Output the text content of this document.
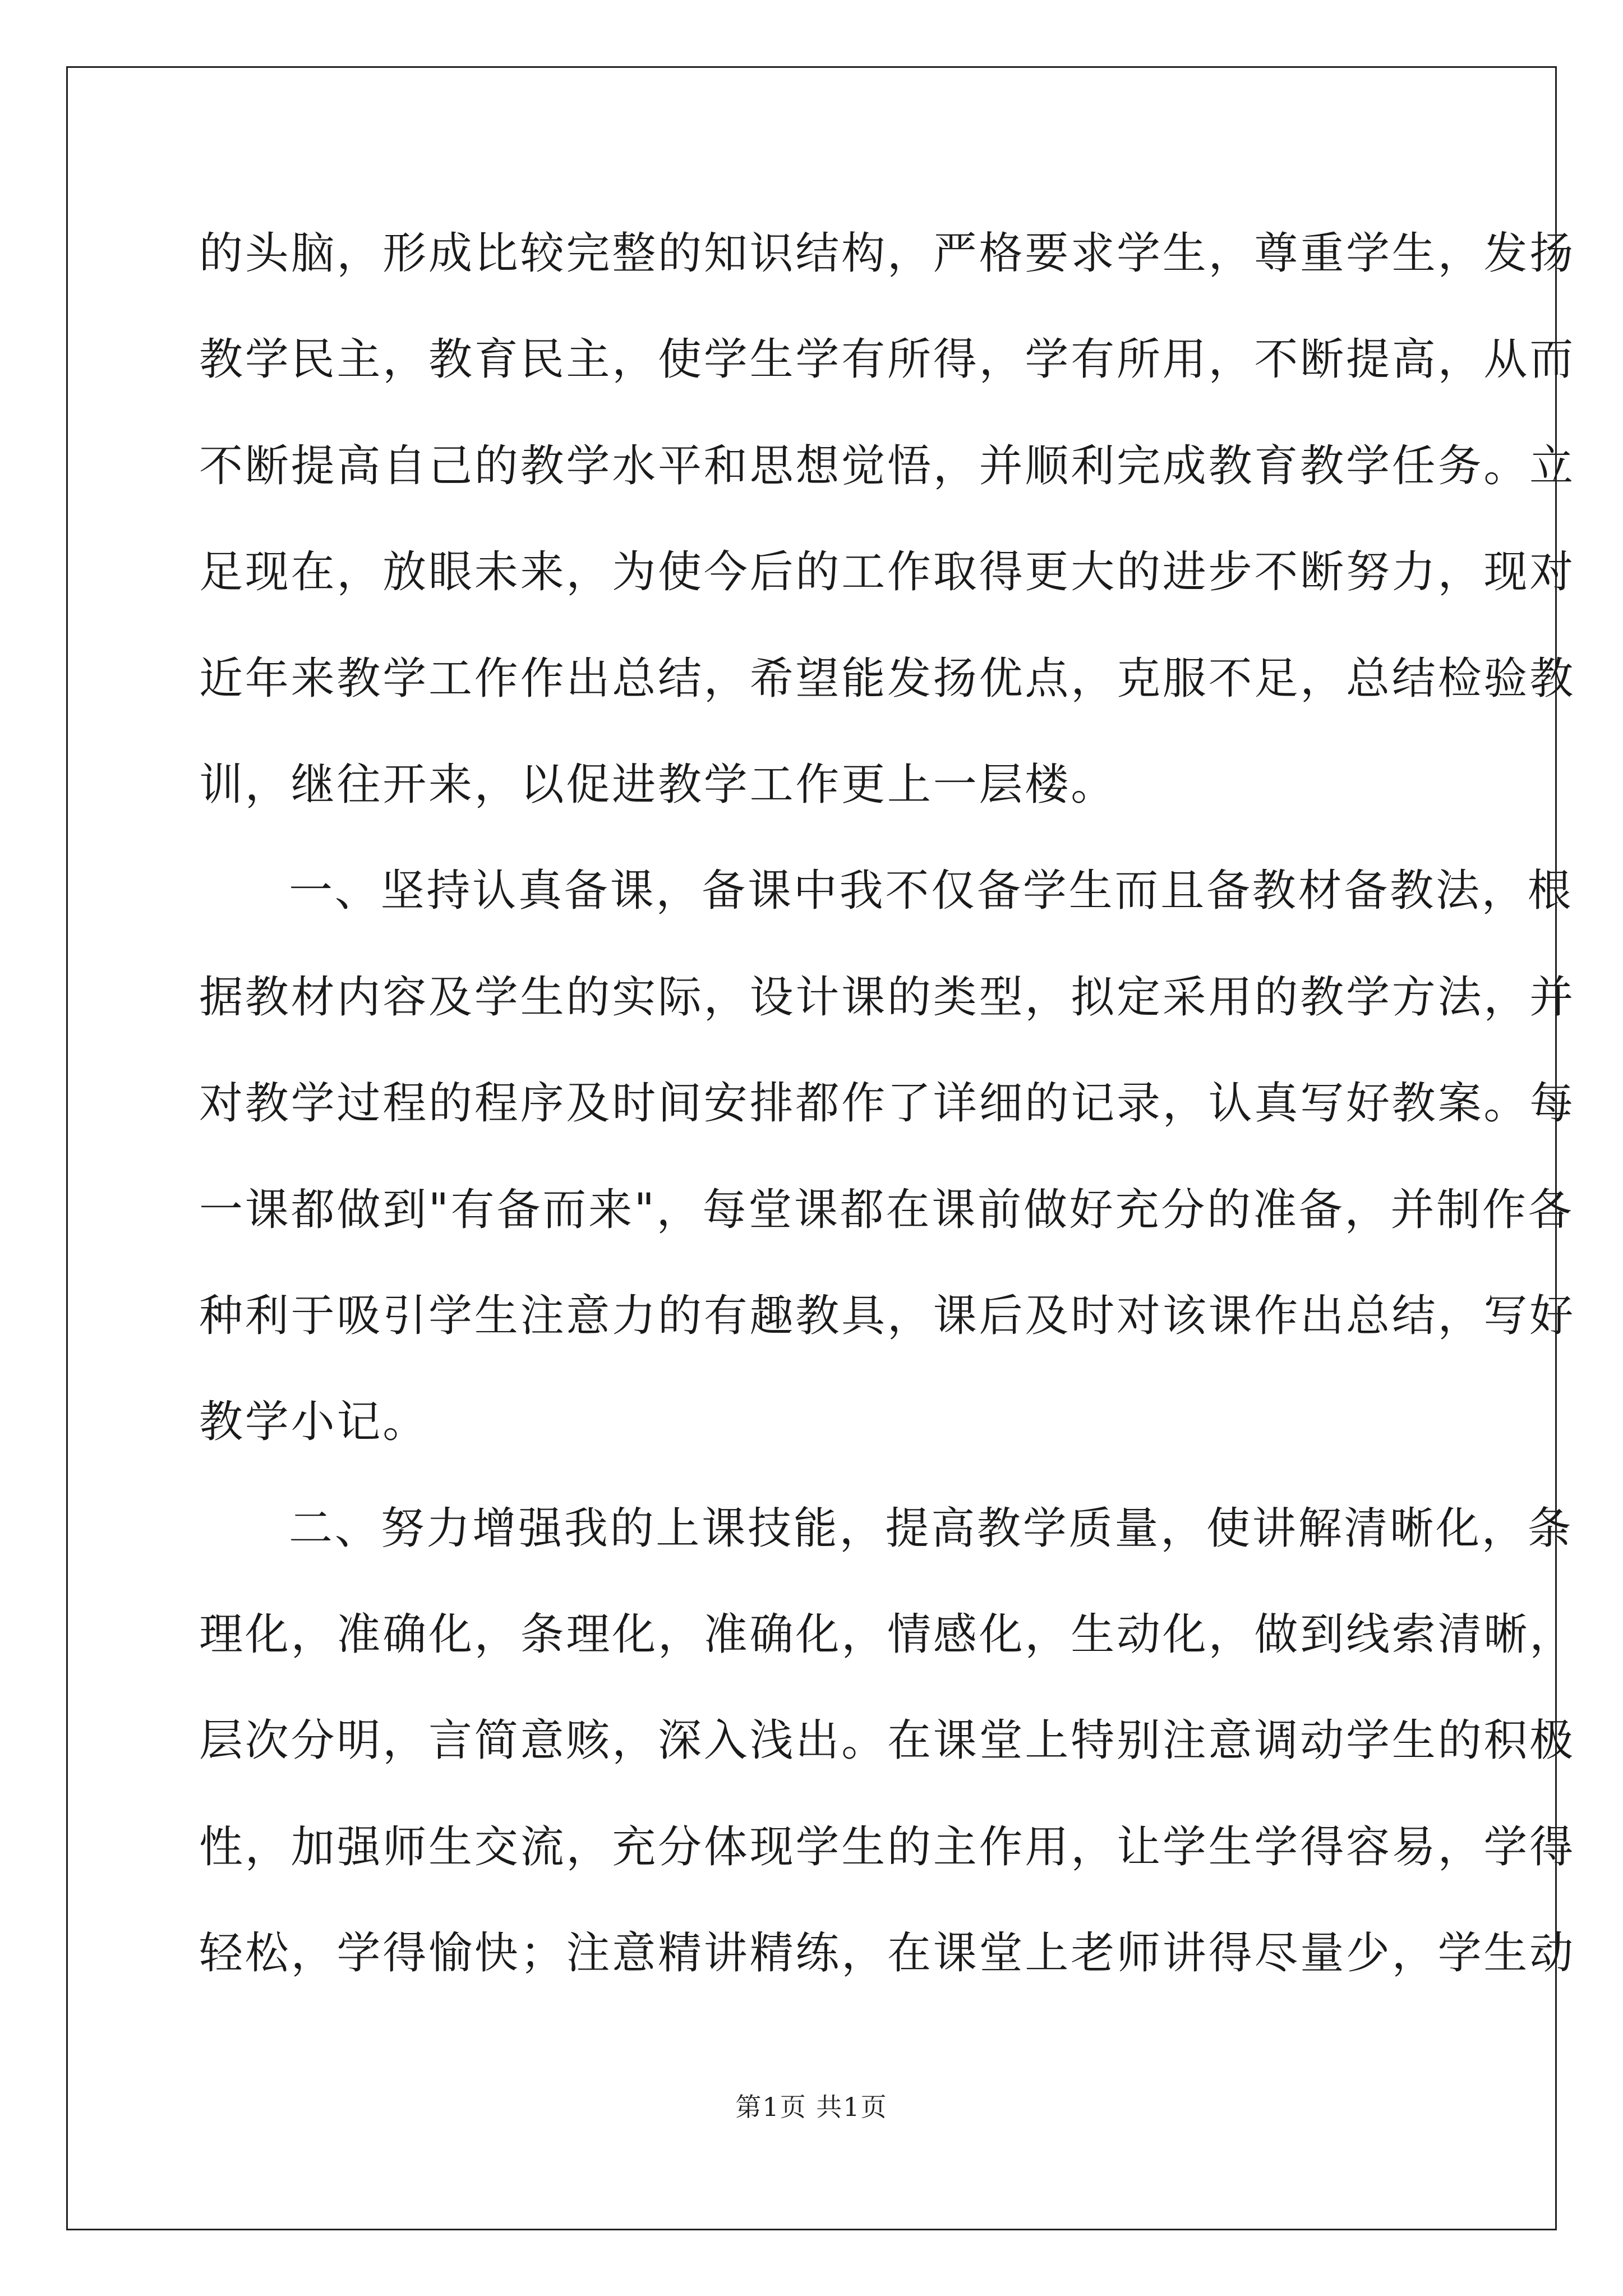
的头脑，形成比较完整的知识结构，严格要求学生，尊重学生，发扬
教学民主，教育民主，使学生学有所得，学有所用，不断提高，从而
不断提高自己的教学水平和思想觉悟，并顺利完成教育教学任务。立
足现在，放眼未来，为使今后的工作取得更大的进步不断努力，现对
近年来教学工作作出总结，希望能发扬优点，克服不足，总结检验教
训，继往开来，以促进教学工作更上一层楼。
一、坚持认真备课，备课中我不仅备学生而且备教材备教法，根
据教材内容及学生的实际，设计课的类型，拟定采用的教学方法，并
对教学过程的程序及时间安排都作了详细的记录，认真写好教案。每
一课都做到"有备而来"，每堂课都在课前做好充分的准备，并制作各
种利于吸引学生注意力的有趣教具，课后及时对该课作出总结，写好
教学小记。
二、努力增强我的上课技能，提高教学质量，使讲解清晰化，条
理化，准确化，条理化，准确化，情感化，生动化，做到线索清晰，
层次分明，言简意赅，深入浅出。在课堂上特别注意调动学生的积极
性，加强师生交流，充分体现学生的主作用，让学生学得容易，学得
轻松，学得愉快；注意精讲精练，在课堂上老师讲得尽量少，学生动
第1页 共1页
